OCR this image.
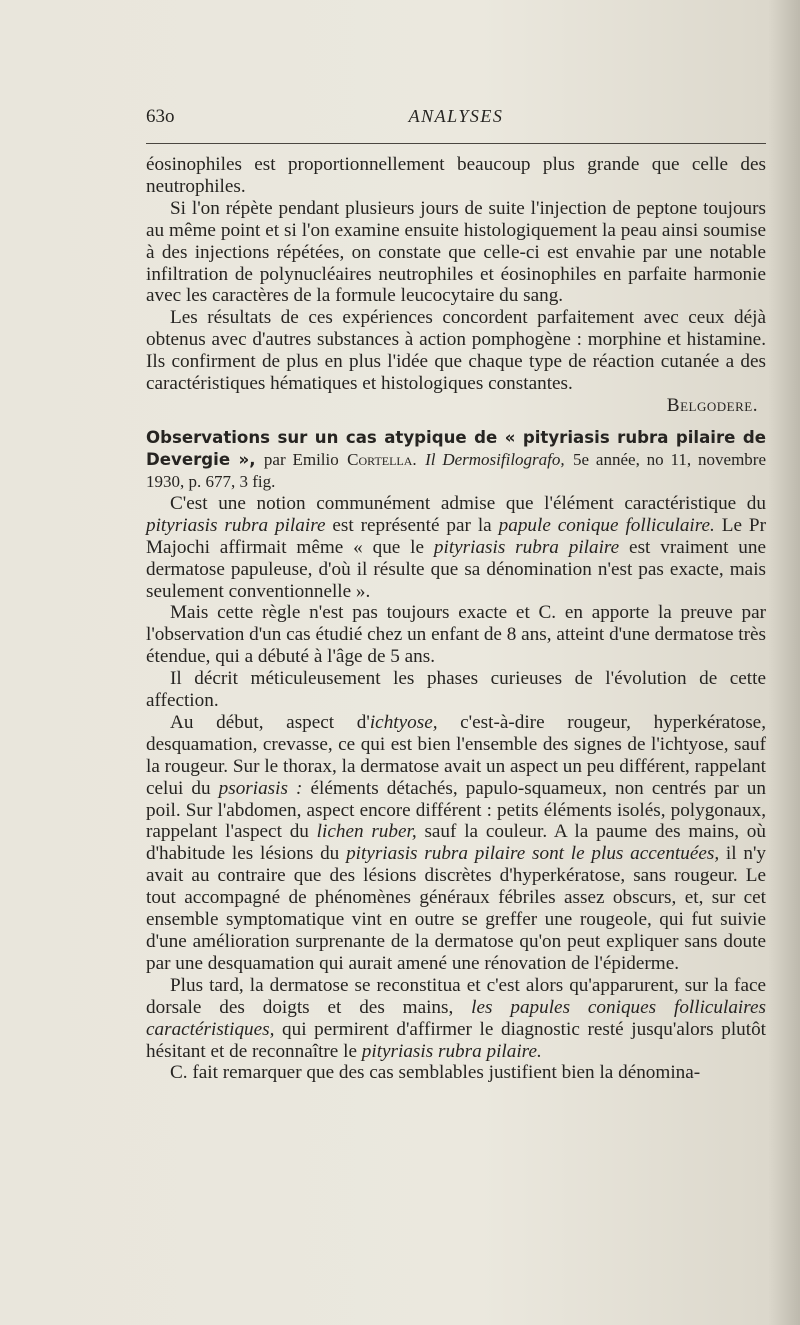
63o	ANALYSES

éosinophiles est proportionnellement beaucoup plus grande que celle des neutrophiles.

Si l'on répète pendant plusieurs jours de suite l'injection de peptone toujours au même point et si l'on examine ensuite histologiquement la peau ainsi soumise à des injections répétées, on constate que celle-ci est envahie par une notable infiltration de polynucléaires neutrophiles et éosinophiles en parfaite harmonie avec les caractères de la formule leucocytaire du sang.

Les résultats de ces expériences concordent parfaitement avec ceux déjà obtenus avec d'autres substances à action pomphogène : morphine et histamine. Ils confirment de plus en plus l'idée que chaque type de réaction cutanée a des caractéristiques hématiques et histologiques constantes.

Belgodere.

Observations sur un cas atypique de « pityriasis rubra pilaire de Devergie », par Emilio Cortella. Il Dermosifilografo, 5e année, no 11, novembre 1930, p. 677, 3 fig.

C'est une notion communément admise que l'élément caractéristique du pityriasis rubra pilaire est représenté par la papule conique folliculaire. Le Pr Majochi affirmait même « que le pityriasis rubra pilaire est vraiment une dermatose papuleuse, d'où il résulte que sa dénomination n'est pas exacte, mais seulement conventionnelle ».

Mais cette règle n'est pas toujours exacte et C. en apporte la preuve par l'observation d'un cas étudié chez un enfant de 8 ans, atteint d'une dermatose très étendue, qui a débuté à l'âge de 5 ans.

Il décrit méticuleusement les phases curieuses de l'évolution de cette affection.

Au début, aspect d'ichtyose, c'est-à-dire rougeur, hyperkératose, desquamation, crevasse, ce qui est bien l'ensemble des signes de l'ichtyose, sauf la rougeur. Sur le thorax, la dermatose avait un aspect un peu différent, rappelant celui du psoriasis : éléments détachés, papulo-squameux, non centrés par un poil. Sur l'abdomen, aspect encore différent : petits éléments isolés, polygonaux, rappelant l'aspect du lichen ruber, sauf la couleur. A la paume des mains, où d'habitude les lésions du pityriasis rubra pilaire sont le plus accentuées, il n'y avait au contraire que des lésions discrètes d'hyperkératose, sans rougeur. Le tout accompagné de phénomènes généraux fébriles assez obscurs, et, sur cet ensemble symptomatique vint en outre se greffer une rougeole, qui fut suivie d'une amélioration surprenante de la dermatose qu'on peut expliquer sans doute par une desquamation qui aurait amené une rénovation de l'épiderme.

Plus tard, la dermatose se reconstitua et c'est alors qu'apparurent, sur la face dorsale des doigts et des mains, les papules coniques folliculaires caractéristiques, qui permirent d'affirmer le diagnostic resté jusqu'alors plutôt hésitant et de reconnaître le pityriasis rubra pilaire.

C. fait remarquer que des cas semblables justifient bien la dénomina-
